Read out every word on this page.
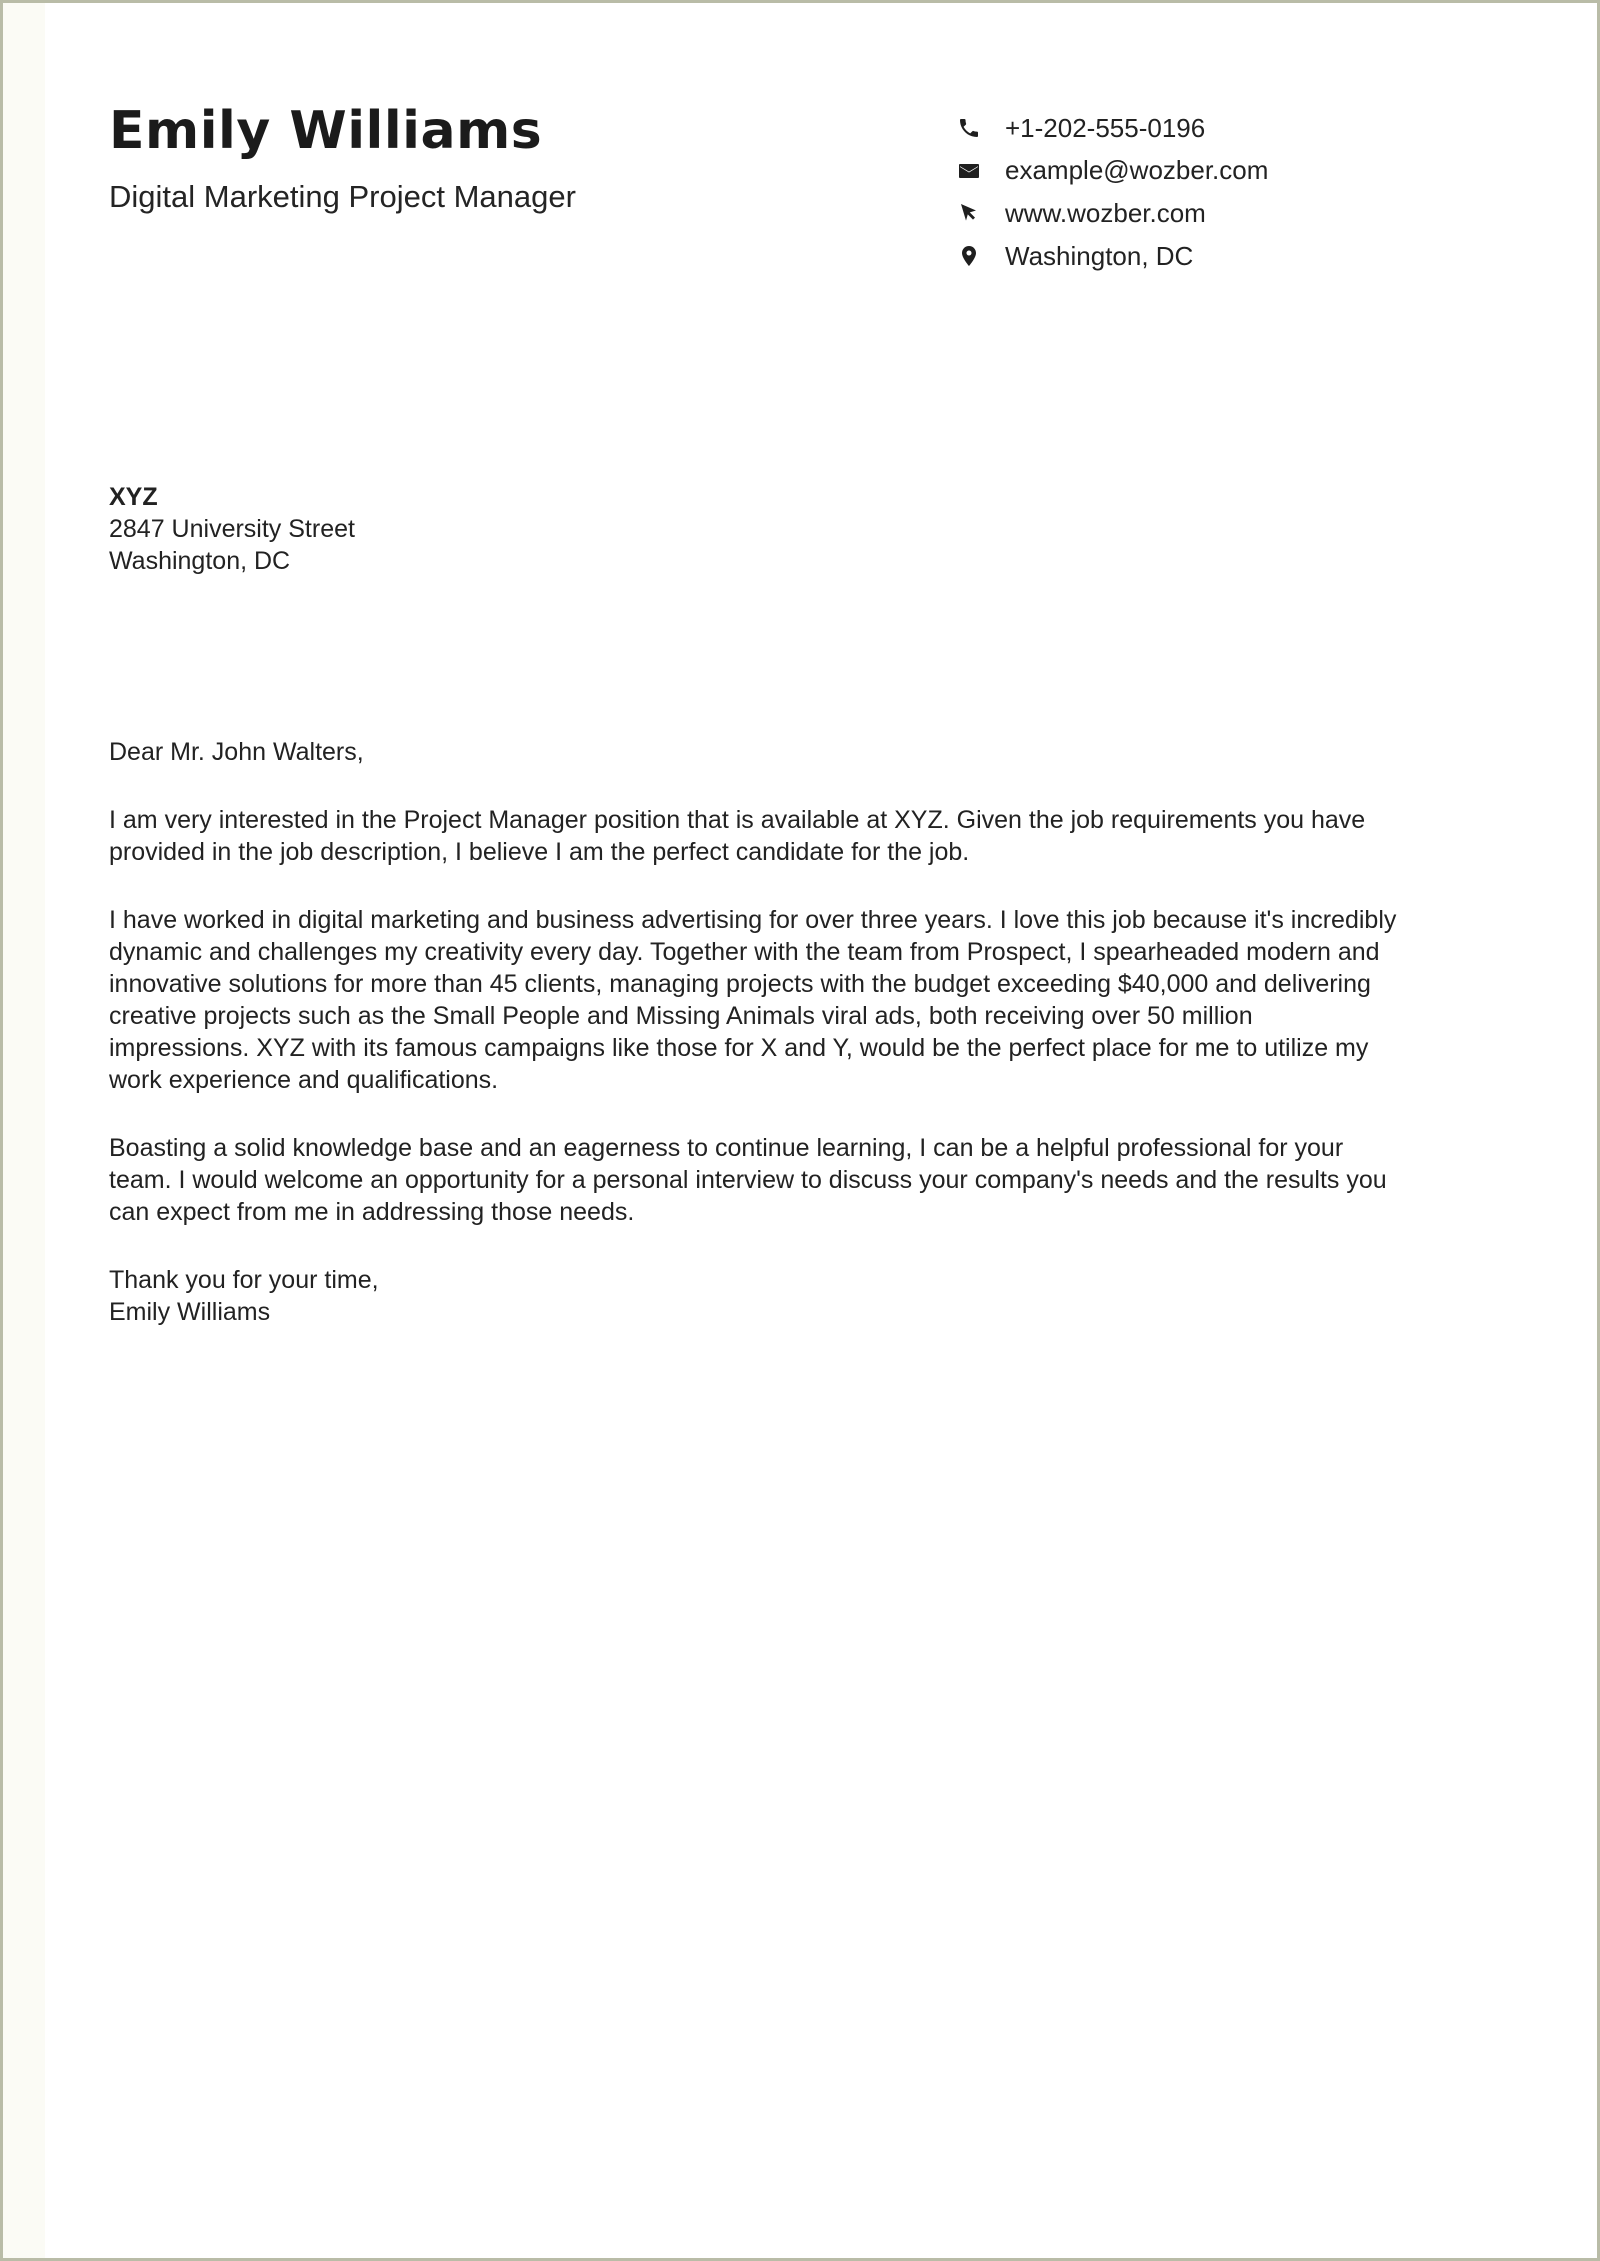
Emily Williams
Digital Marketing Project Manager
+1-202-555-0196
example@wozber.com
www.wozber.com
Washington, DC
XYZ
2847 University Street
Washington, DC

Dear Mr. John Walters,

I am very interested in the Project Manager position that is available at XYZ. Given the job requirements you have
provided in the job description, I believe I am the perfect candidate for the job.

I have worked in digital marketing and business advertising for over three years. I love this job because it's incredibly
dynamic and challenges my creativity every day. Together with the team from Prospect, I spearheaded modern and
innovative solutions for more than 45 clients, managing projects with the budget exceeding $40,000 and delivering
creative projects such as the Small People and Missing Animals viral ads, both receiving over 50 million
impressions. XYZ with its famous campaigns like those for X and Y, would be the perfect place for me to utilize my
work experience and qualifications.

Boasting a solid knowledge base and an eagerness to continue learning, I can be a helpful professional for your
team. I would welcome an opportunity for a personal interview to discuss your company's needs and the results you
can expect from me in addressing those needs.

Thank you for your time,

Emily Williams
